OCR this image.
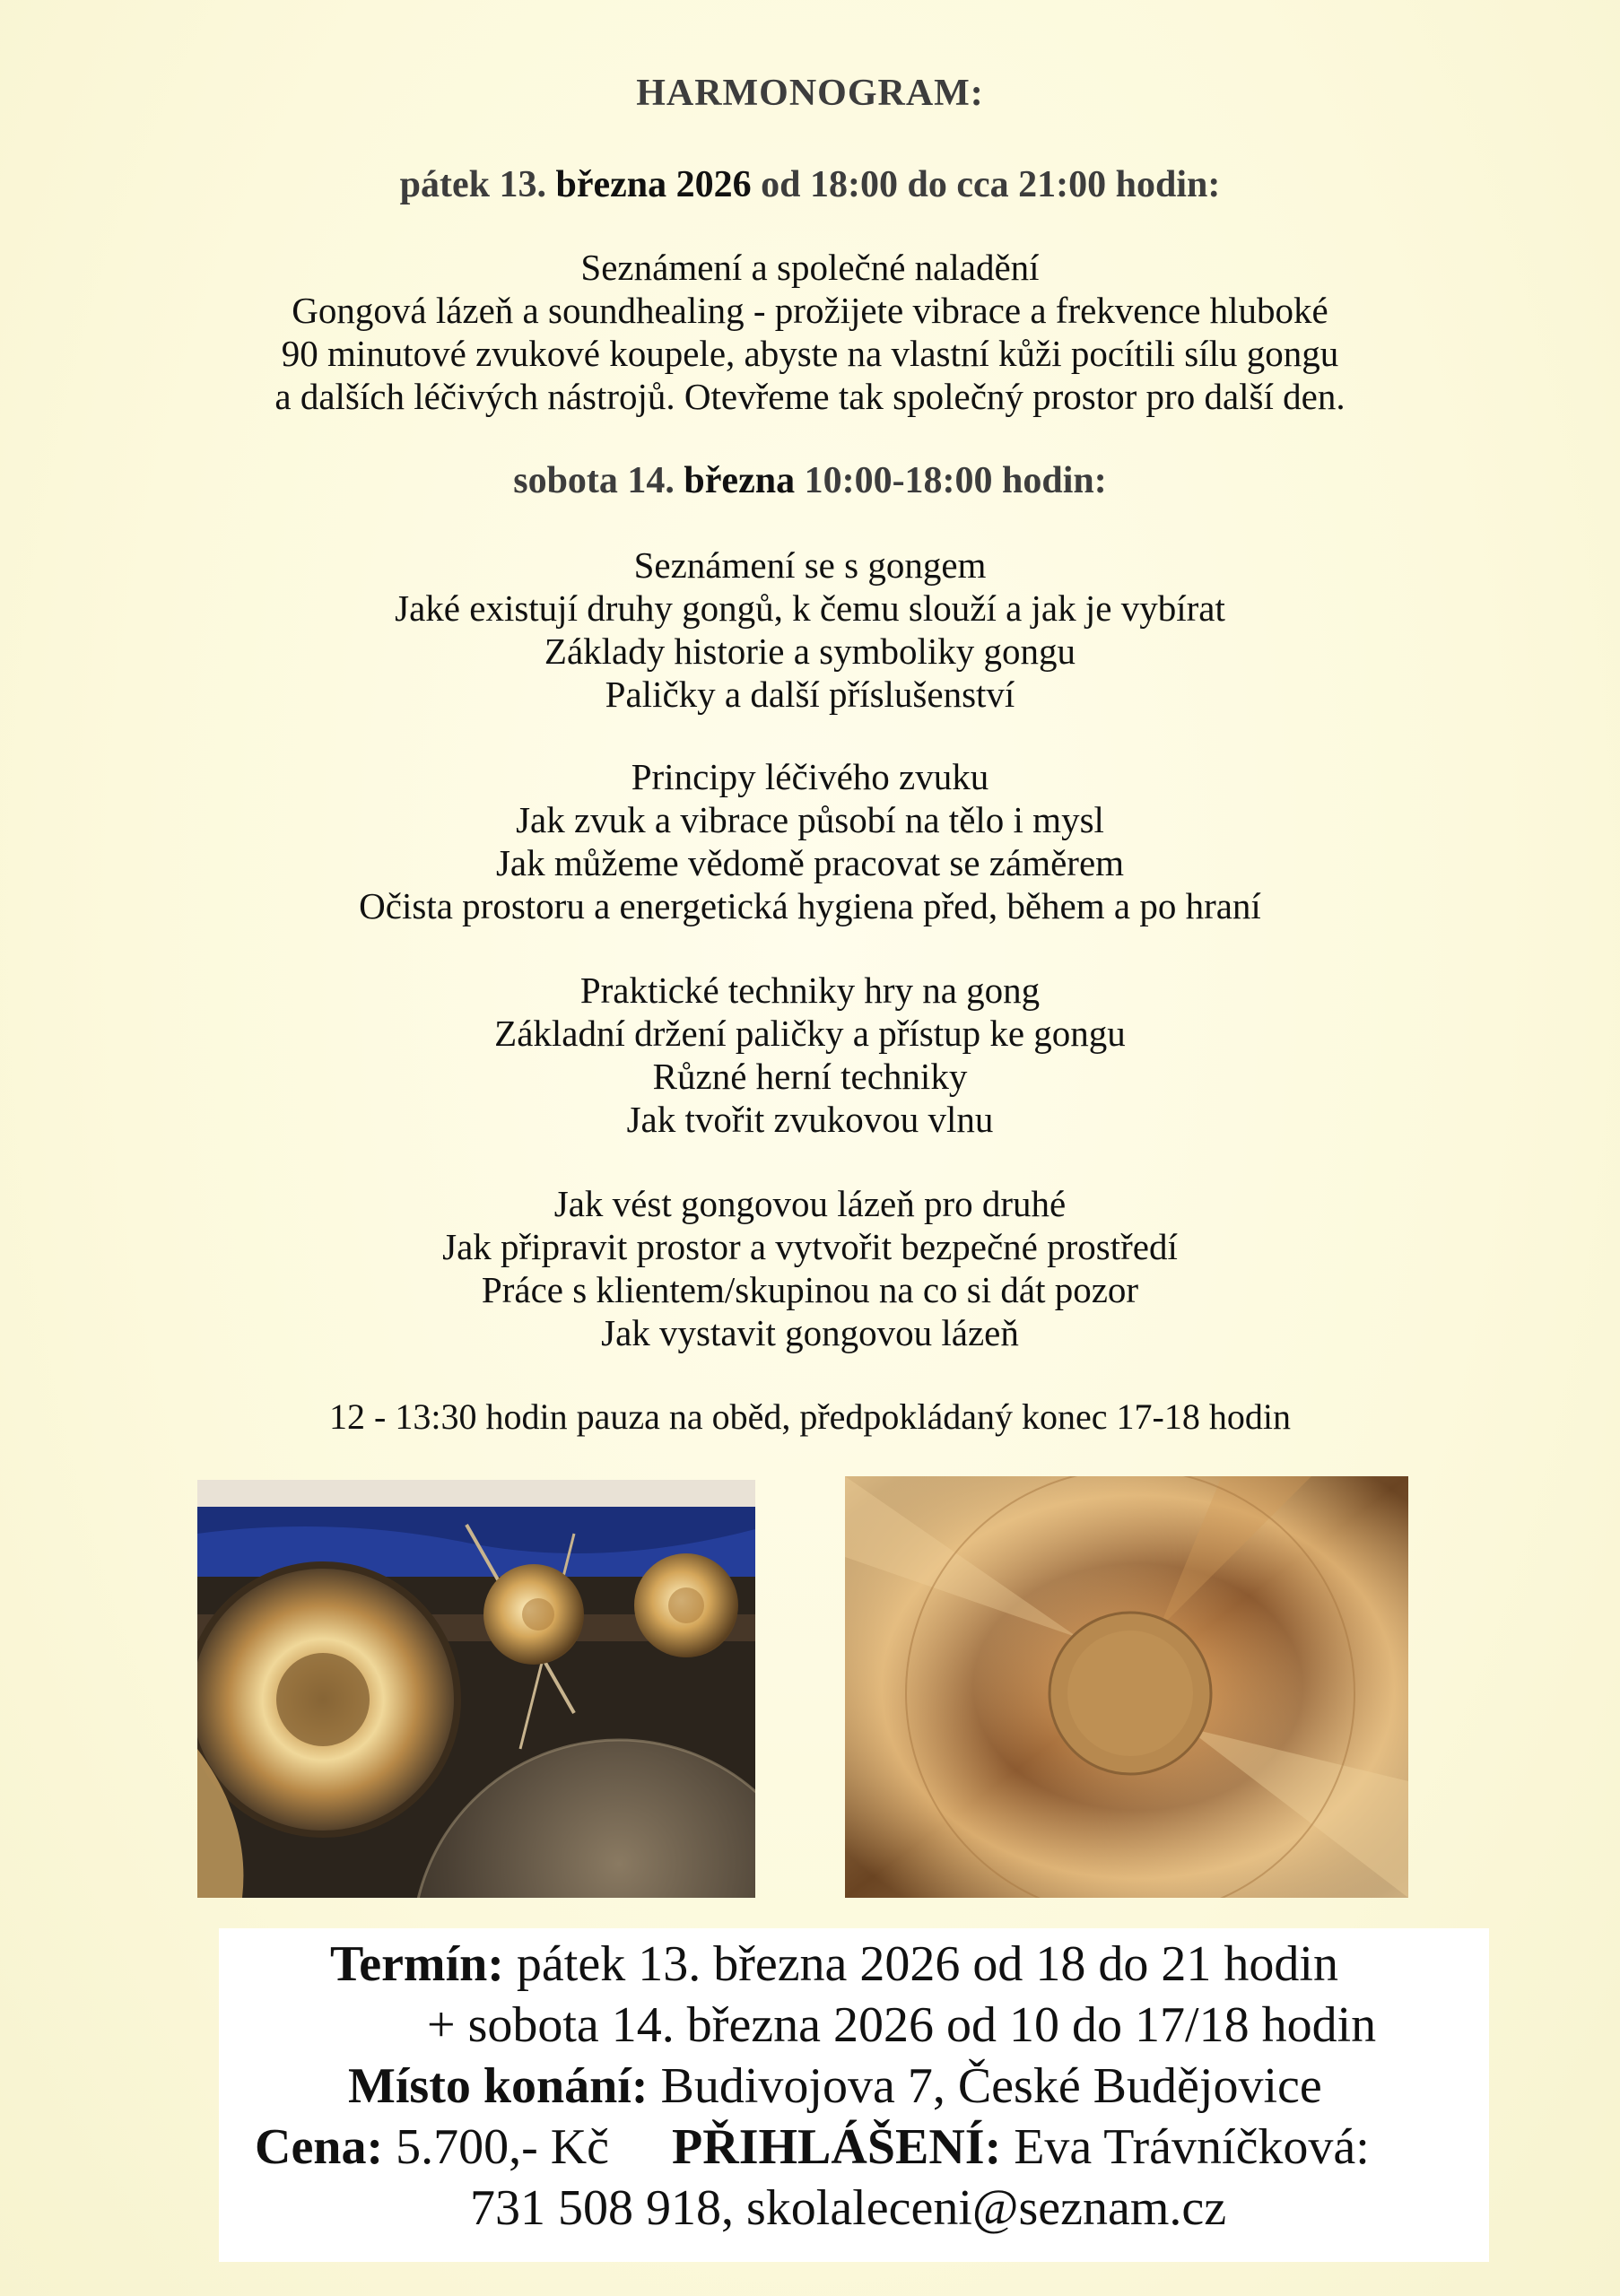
HARMONOGRAM:
pátek 13. března 2026 od 18:00 do cca 21:00 hodin:

Seznámení a společné naladění

Gongová lázeň a soundhealing - prožijete vibrace a frekvence hluboké

90 minutové zvukové koupele, abyste na vlastní kůži pocítili sílu gongu

a dalších léčivých nástrojů. Otevřeme tak společný prostor pro další den.

sobota 14. března 10:00-18:00 hodin:

Seznámení se s gongem

Jaké existují druhy gongů, k čemu slouží a jak je vybírat

Základy historie a symboliky gongu

Paličky a další příslušenství

Principy léčivého zvuku

Jak zvuk a vibrace působí na tělo i mysl

Jak můžeme vědomě pracovat se záměrem

Očista prostoru a energetická hygiena před, během a po hraní

Praktické techniky hry na gong

Základní držení paličky a přístup ke gongu

Různé herní techniky

Jak tvořit zvukovou vlnu

Jak vést gongovou lázeň pro druhé

Jak připravit prostor a vytvořit bezpečné prostředí

Práce s klientem/skupinou na co si dát pozor

Jak vystavit gongovou lázeň

12 - 13:30 hodin pauza na oběd, předpokládaný konec 17-18 hodin
Termín: pátek 13. března 2026 od 18 do 21 hodin
+ sobota 14. března 2026 od 10 do 17/18 hodin
Místo konání: Budivojova 7, České Budějovice
Cena: 5.700,- Kč PŘIHLÁŠENÍ: Eva Trávníčková:
731 508 918, skolaleceni@seznam.cz
